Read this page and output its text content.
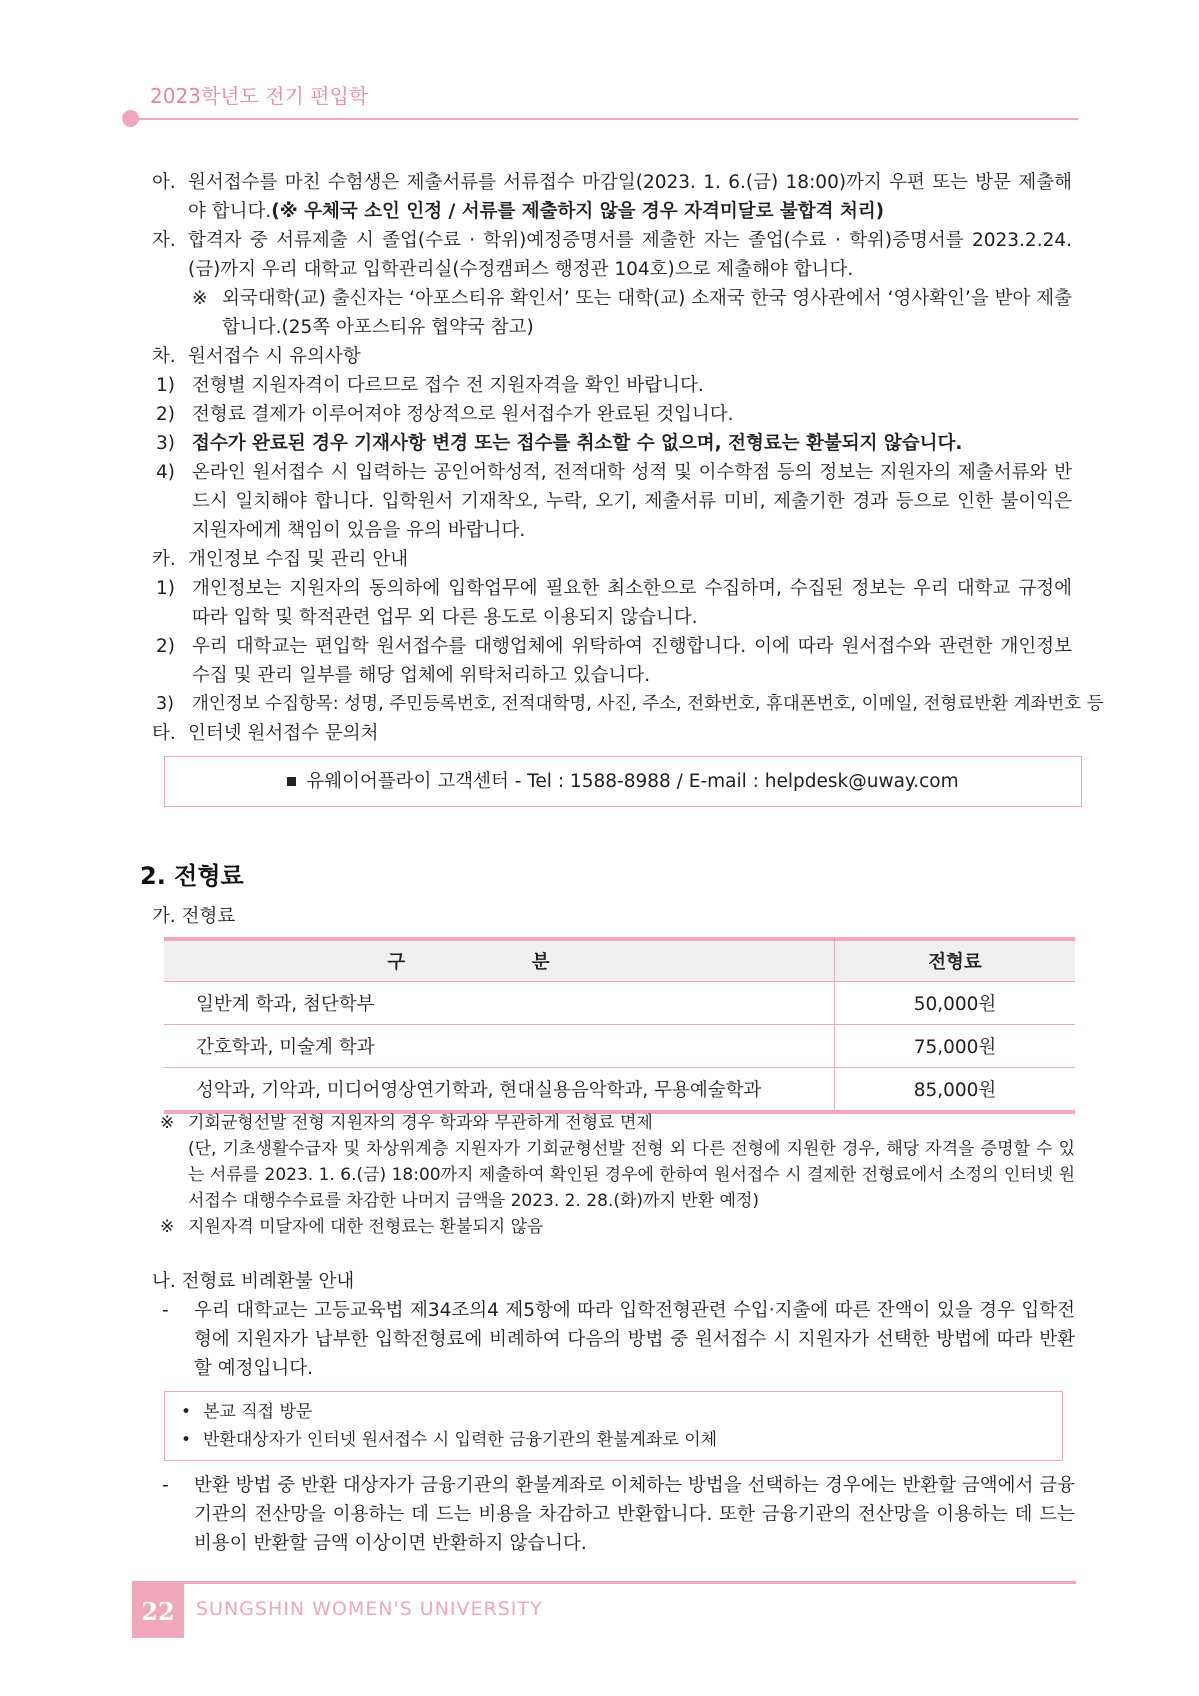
2023학년도 전기 편입학
아. 원서접수를 마친 수험생은 제출서류를 서류접수 마감일(2023. 1. 6.(금) 18:00)까지 우편 또는 방문 제출해야 합니다.(※ 우체국 소인 인정 / 서류를 제출하지 않을 경우 자격미달로 불합격 처리)
자. 합격자 중 서류제출 시 졸업(수료 · 학위)예정증명서를 제출한 자는 졸업(수료 · 학위)증명서를 2023.2.24.(금)까지 우리 대학교 입학관리실(수정캠퍼스 행정관 104호)으로 제출해야 합니다.
※ 외국대학(교) 출신자는 ‘아포스티유 확인서’ 또는 대학(교) 소재국 한국 영사관에서 ‘영사확인’을 받아 제출합니다.(25쪽 아포스티유 협약국 참고)
차. 원서접수 시 유의사항
1) 전형별 지원자격이 다르므로 접수 전 지원자격을 확인 바랍니다.
2) 전형료 결제가 이루어져야 정상적으로 원서접수가 완료된 것입니다.
3) 접수가 완료된 경우 기재사항 변경 또는 접수를 취소할 수 없으며, 전형료는 환불되지 않습니다.
4) 온라인 원서접수 시 입력하는 공인어학성적, 전적대학 성적 및 이수학점 등의 정보는 지원자의 제출서류와 반드시 일치해야 합니다. 입학원서 기재착오, 누락, 오기, 제출서류 미비, 제출기한 경과 등으로 인한 불이익은 지원자에게 책임이 있음을 유의 바랍니다.
카. 개인정보 수집 및 관리 안내
1) 개인정보는 지원자의 동의하에 입학업무에 필요한 최소한으로 수집하며, 수집된 정보는 우리 대학교 규정에 따라 입학 및 학적관련 업무 외 다른 용도로 이용되지 않습니다.
2) 우리 대학교는 편입학 원서접수를 대행업체에 위탁하여 진행합니다. 이에 따라 원서접수와 관련한 개인정보 수집 및 관리 일부를 해당 업체에 위탁처리하고 있습니다.
3) 개인정보 수집항목: 성명, 주민등록번호, 전적대학명, 사진, 주소, 전화번호, 휴대폰번호, 이메일, 전형료반환 계좌번호 등
타. 인터넷 원서접수 문의처
유웨이어플라이 고객센터 - Tel : 1588-8988 / E-mail : helpdesk@uway.com
2. 전형료
가. 전형료
구 분	전형료
일반계 학과, 첨단학부	50,000원
간호학과, 미술계 학과	75,000원
성악과, 기악과, 미디어영상연기학과, 현대실용음악학과, 무용예술학과	85,000원
※ 기회균형선발 전형 지원자의 경우 학과와 무관하게 전형료 면제
(단, 기초생활수급자 및 차상위계층 지원자가 기회균형선발 전형 외 다른 전형에 지원한 경우, 해당 자격을 증명할 수 있는 서류를 2023. 1. 6.(금) 18:00까지 제출하여 확인된 경우에 한하여 원서접수 시 결제한 전형료에서 소정의 인터넷 원서접수 대행수수료를 차감한 나머지 금액을 2023. 2. 28.(화)까지 반환 예정)
※ 지원자격 미달자에 대한 전형료는 환불되지 않음
나. 전형료 비례환불 안내
- 우리 대학교는 고등교육법 제34조의4 제5항에 따라 입학전형관련 수입·지출에 따른 잔액이 있을 경우 입학전형에 지원자가 납부한 입학전형료에 비례하여 다음의 방법 중 원서접수 시 지원자가 선택한 방법에 따라 반환할 예정입니다.
• 본교 직접 방문
• 반환대상자가 인터넷 원서접수 시 입력한 금융기관의 환불계좌로 이체
- 반환 방법 중 반환 대상자가 금융기관의 환불계좌로 이체하는 방법을 선택하는 경우에는 반환할 금액에서 금융기관의 전산망을 이용하는 데 드는 비용을 차감하고 반환합니다. 또한 금융기관의 전산망을 이용하는 데 드는 비용이 반환할 금액 이상이면 반환하지 않습니다.
22	SUNGSHIN WOMEN'S UNIVERSITY
